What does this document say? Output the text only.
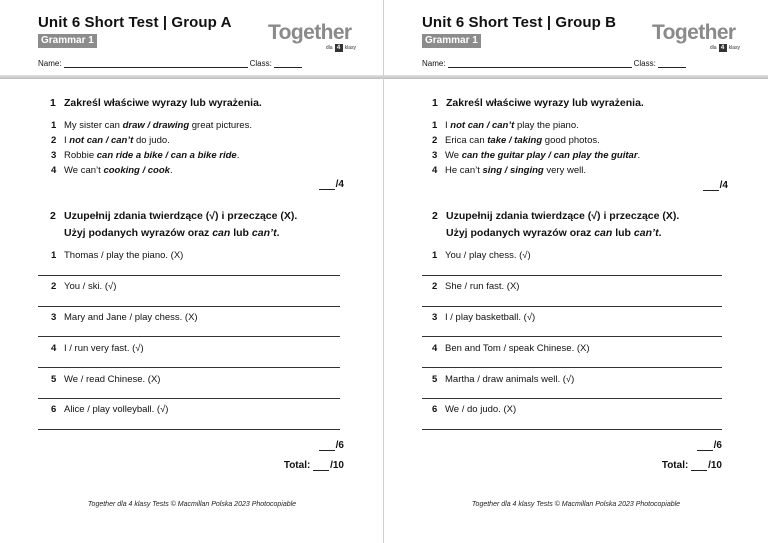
Unit 6 Short Test | Group A
Grammar 1	Together
dla 4 klasy
Name:	Class:
1 Zakreśl właściwe wyrazy lub wyrażenia.
1 My sister can draw / drawing great pictures.
2 I not can / can’t do judo.
3 Robbie can ride a bike / can a bike ride.
4 We can’t cooking / cook.
/4
2 Uzupełnij zdania twierdzące (√) i przeczące (X).
Użyj podanych wyrazów oraz can lub can’t.
1 Thomas / play the piano. (X)
2 You / ski. (√)
3 Mary and Jane / play chess. (X)
4 I / run very fast. (√)
5 We / read Chinese. (X)
6 Alice / play volleyball. (√)
/6
Total: /10
Together dla 4 klasy Tests © Macmillan Polska 2023 Photocopiable
Unit 6 Short Test | Group B
Grammar 1	Together
dla 4 klasy
Name:	Class:
1 Zakreśl właściwe wyrazy lub wyrażenia.
1 I not can / can’t play the piano.
2 Erica can take / taking good photos.
3 We can the guitar play / can play the guitar.
4 He can’t sing / singing very well.
/4
2 Uzupełnij zdania twierdzące (√) i przeczące (X).
Użyj podanych wyrazów oraz can lub can’t.
1 You / play chess. (√)
2 She / run fast. (X)
3 I / play basketball. (√)
4 Ben and Tom / speak Chinese. (X)
5 Martha / draw animals well. (√)
6 We / do judo. (X)
/6
Total: /10
Together dla 4 klasy Tests © Macmillan Polska 2023 Photocopiable
